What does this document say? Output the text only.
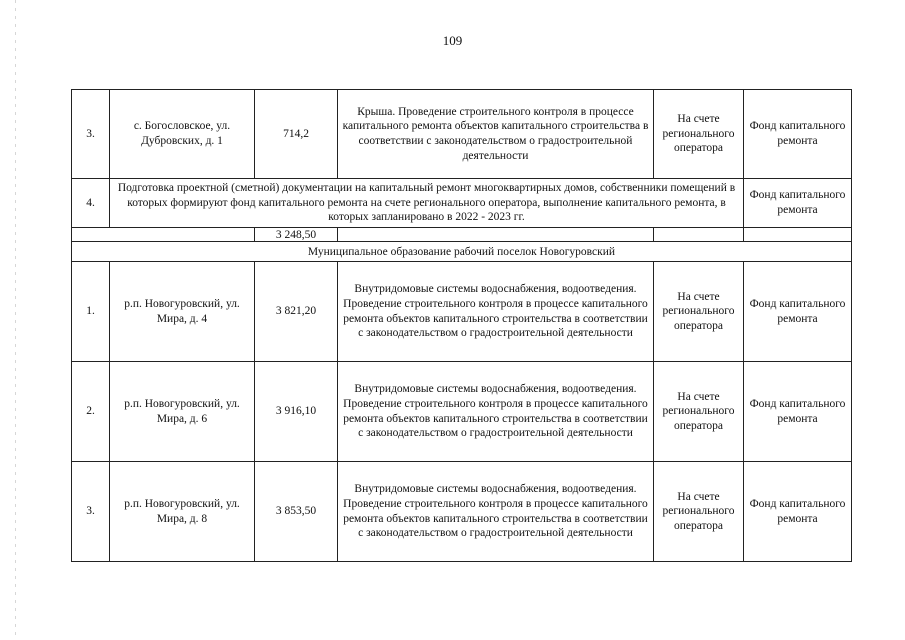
109
3.	с. Богословское, ул. Дубровских, д. 1	714,2	Крыша. Проведение строительного контроля в процессе капитального ремонта объектов капитального строительства в соответствии с законодательством о градостроительной деятельности	На счете регионального оператора	Фонд капитального ремонта
4.	Подготовка проектной (сметной) документации на капитальный ремонт многоквартирных домов, собственники помещений в которых формируют фонд капитального ремонта на счете регионального оператора, выполнение капитального ремонта, в которых запланировано в 2022 - 2023 гг.				Фонд капитального ремонта
		3 248,50			
Муниципальное образование рабочий поселок Новогуровский					
1.	р.п. Новогуровский, ул. Мира, д. 4	3 821,20	Внутридомовые системы водоснабжения, водоотведения. Проведение строительного контроля в процессе капитального ремонта объектов капитального строительства в соответствии с законодательством о градостроительной деятельности	На счете регионального оператора	Фонд капитального ремонта
2.	р.п. Новогуровский, ул. Мира, д. 6	3 916,10	Внутридомовые системы водоснабжения, водоотведения. Проведение строительного контроля в процессе капитального ремонта объектов капитального строительства в соответствии с законодательством о градостроительной деятельности	На счете регионального оператора	Фонд капитального ремонта
3.	р.п. Новогуровский, ул. Мира, д. 8	3 853,50	Внутридомовые системы водоснабжения, водоотведения. Проведение строительного контроля в процессе капитального ремонта объектов капитального строительства в соответствии с законодательством о градостроительной деятельности	На счете регионального оператора	Фонд капитального ремонта
